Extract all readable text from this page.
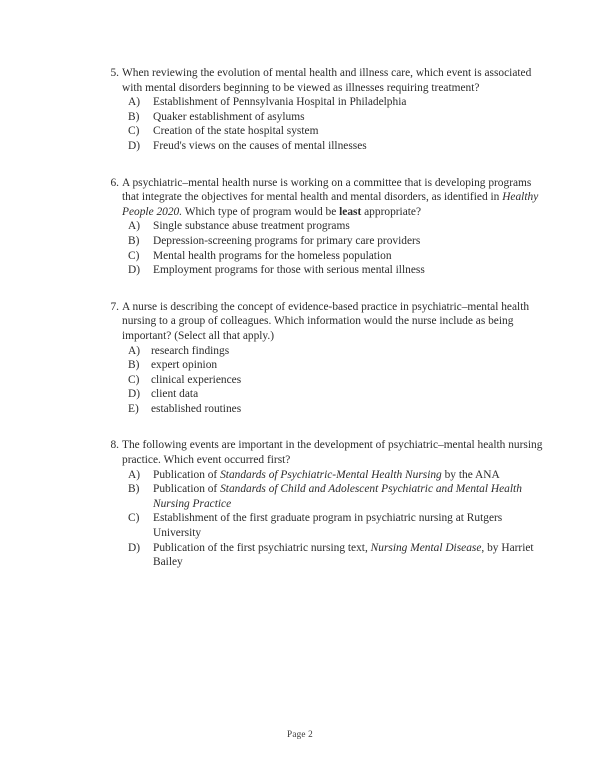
5. When reviewing the evolution of mental health and illness care, which event is associated with mental disorders beginning to be viewed as illnesses requiring treatment?
A) Establishment of Pennsylvania Hospital in Philadelphia
B) Quaker establishment of asylums
C) Creation of the state hospital system
D) Freud's views on the causes of mental illnesses
6. A psychiatric–mental health nurse is working on a committee that is developing programs that integrate the objectives for mental health and mental disorders, as identified in Healthy People 2020. Which type of program would be least appropriate?
A) Single substance abuse treatment programs
B) Depression-screening programs for primary care providers
C) Mental health programs for the homeless population
D) Employment programs for those with serious mental illness
7. A nurse is describing the concept of evidence-based practice in psychiatric–mental health nursing to a group of colleagues. Which information would the nurse include as being important? (Select all that apply.)
A) research findings
B) expert opinion
C) clinical experiences
D) client data
E) established routines
8. The following events are important in the development of psychiatric–mental health nursing practice. Which event occurred first?
A) Publication of Standards of Psychiatric-Mental Health Nursing by the ANA
B) Publication of Standards of Child and Adolescent Psychiatric and Mental Health Nursing Practice
C) Establishment of the first graduate program in psychiatric nursing at Rutgers University
D) Publication of the first psychiatric nursing text, Nursing Mental Disease, by Harriet Bailey
Page 2
